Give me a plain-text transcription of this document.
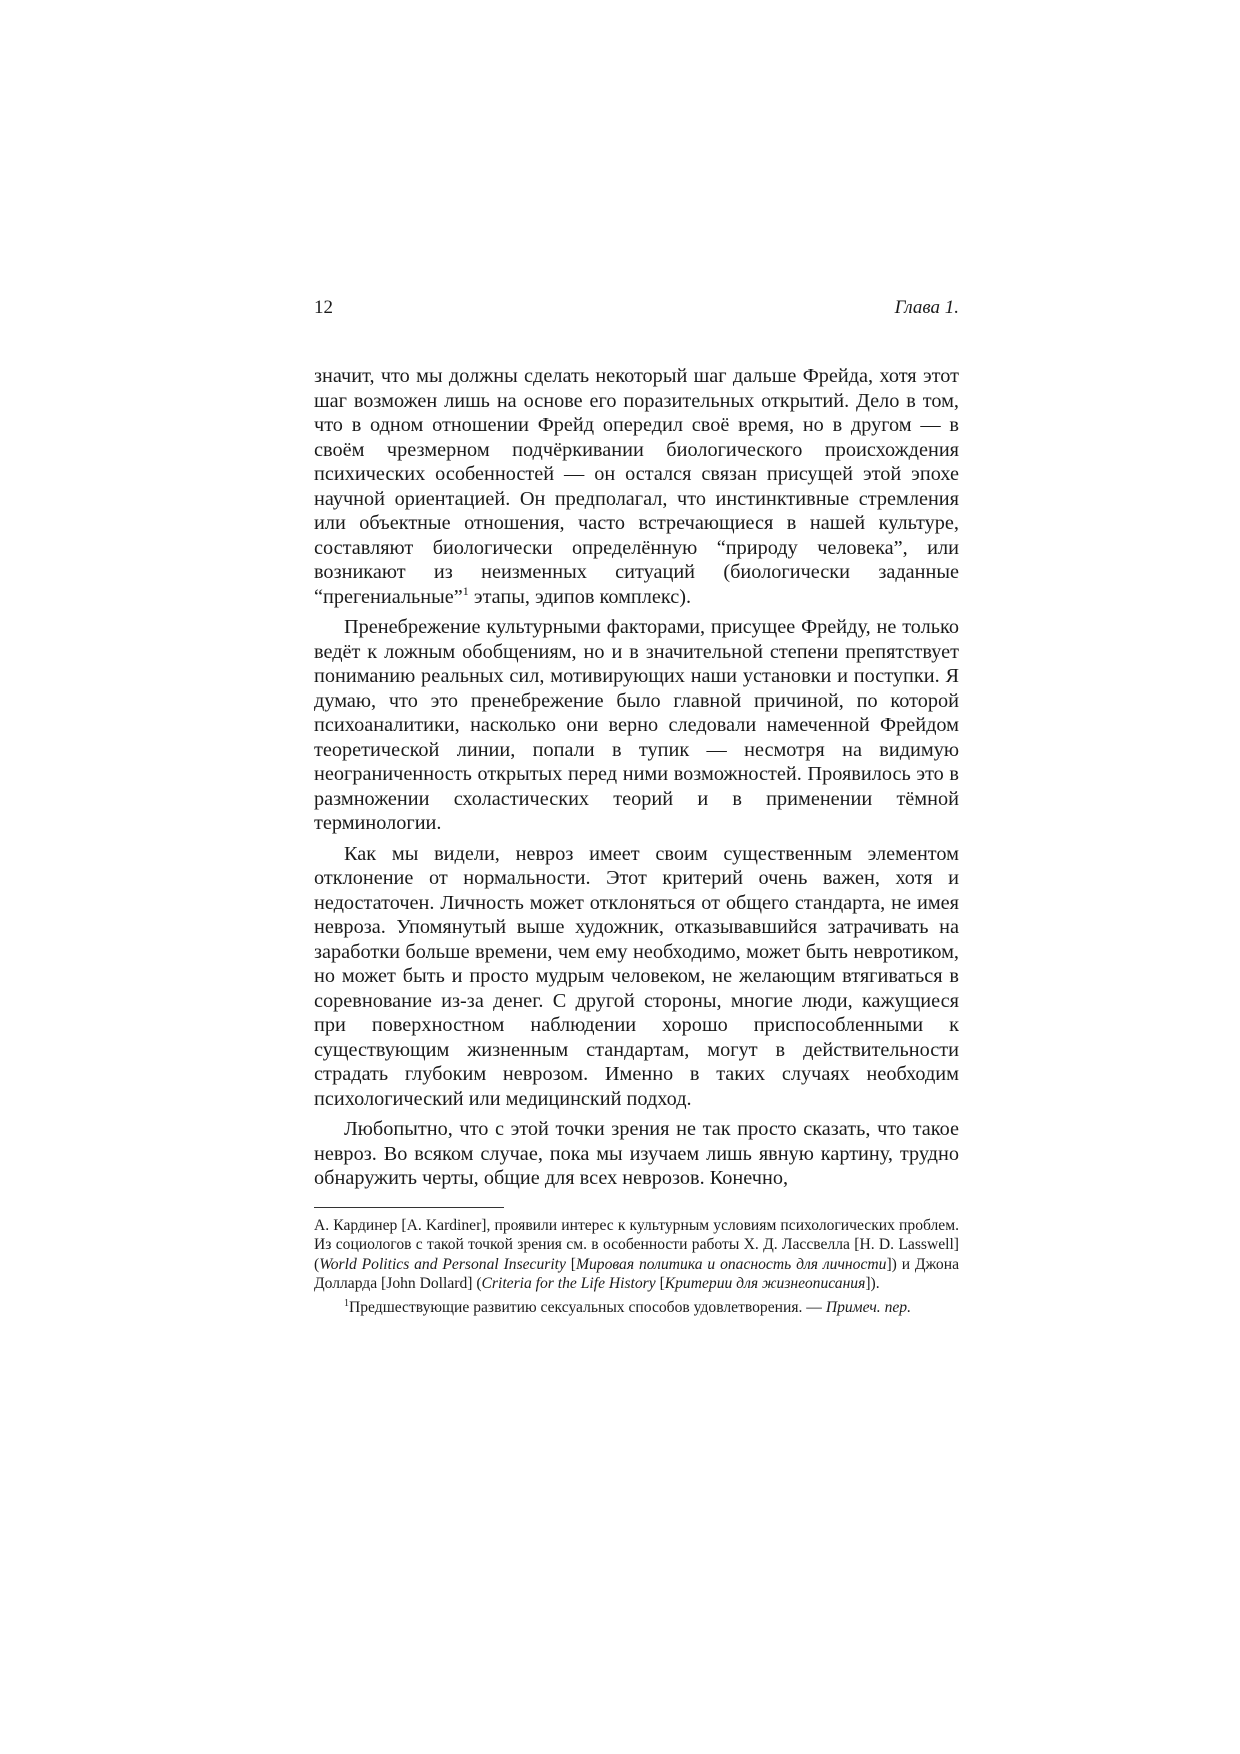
12	Глава 1.

значит, что мы должны сделать некоторый шаг дальше Фрейда, хотя этот шаг возможен лишь на основе его поразительных открытий. Дело в том, что в одном отношении Фрейд опередил своё время, но в другом — в своём чрезмерном подчёркивании биологического происхождения психических особенностей — он остался связан присущей этой эпохе научной ориентацией. Он предполагал, что инстинктивные стремления или объектные отношения, часто встречающиеся в нашей культуре, составляют биологически определённую “природу человека”, или возникают из неизменных ситуаций (биологически заданные “прегениальные”$^1$ этапы, эдипов комплекс).

Пренебрежение культурными факторами, присущее Фрейду, не только ведёт к ложным обобщениям, но и в значительной степени препятствует пониманию реальных сил, мотивирующих наши установки и поступки. Я думаю, что это пренебрежение было главной причиной, по которой психоаналитики, насколько они верно следовали намеченной Фрейдом теоретической линии, попали в тупик — несмотря на видимую неограниченность открытых перед ними возможностей. Проявилось это в размножении схоластических теорий и в применении тёмной терминологии.

Как мы видели, невроз имеет своим существенным элементом отклонение от нормальности. Этот критерий очень важен, хотя и недостаточен. Личность может отклоняться от общего стандарта, не имея невроза. Упомянутый выше художник, отказывавшийся затрачивать на заработки больше времени, чем ему необходимо, может быть невротиком, но может быть и просто мудрым человеком, не желающим втягиваться в соревнование из-за денег. С другой стороны, многие люди, кажущиеся при поверхностном наблюдении хорошо приспособленными к существующим жизненным стандартам, могут в действительности страдать глубоким неврозом. Именно в таких случаях необходим психологический или медицинский подход.

Любопытно, что с этой точки зрения не так просто сказать, что такое невроз. Во всяком случае, пока мы изучаем лишь явную картину, трудно обнаружить черты, общие для всех неврозов. Конечно,

А. Кардинер [A. Kardiner], проявили интерес к культурным условиям психологических проблем. Из социологов с такой точкой зрения см. в особенности работы Х. Д. Лассвелла [H. D. Lasswell] (World Politics and Personal Insecurity [Мировая политика и опасность для личности]) и Джона Долларда [John Dollard] (Criteria for the Life History [Критерии для жизнеописания]).

$^1$Предшествующие развитию сексуальных способов удовлетворения. — Примеч. пер.
